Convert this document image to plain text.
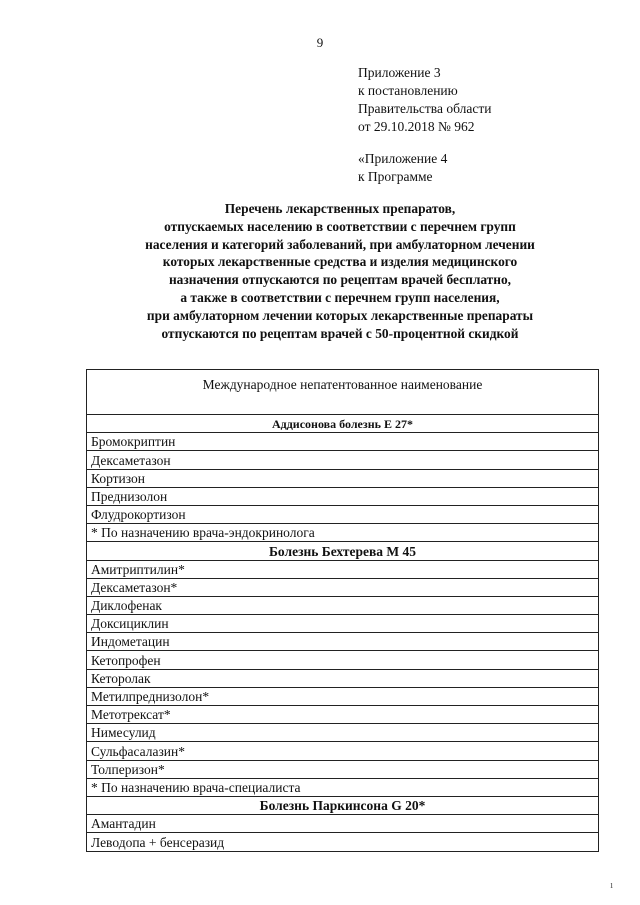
9
Приложение 3
к постановлению
Правительства области
от 29.10.2018 № 962
«Приложение 4
к Программе
Перечень лекарственных препаратов,
отпускаемых населению в соответствии с перечнем групп
населения и категорий заболеваний, при амбулаторном лечении
которых лекарственные средства и изделия медицинского
назначения отпускаются по рецептам врачей бесплатно,
а также в соответствии с перечнем групп населения,
при амбулаторном лечении которых лекарственные препараты
отпускаются по рецептам врачей с 50-процентной скидкой
Международное непатентованное наименование
Аддисонова болезнь Е 27*
Бромокриптин
Дексаметазон
Кортизон
Преднизолон
Флудрокортизон
* По назначению врача-эндокринолога
Болезнь Бехтерева М 45
Амитриптилин*
Дексаметазон*
Диклофенак
Доксициклин
Индометацин
Кетопрофен
Кеторолак
Метилпреднизолон*
Метотрексат*
Нимесулид
Сульфасалазин*
Толперизон*
* По назначению врача-специалиста
Болезнь Паркинсона G 20*
Амантадин
Леводопа + бенсеразид
ı
